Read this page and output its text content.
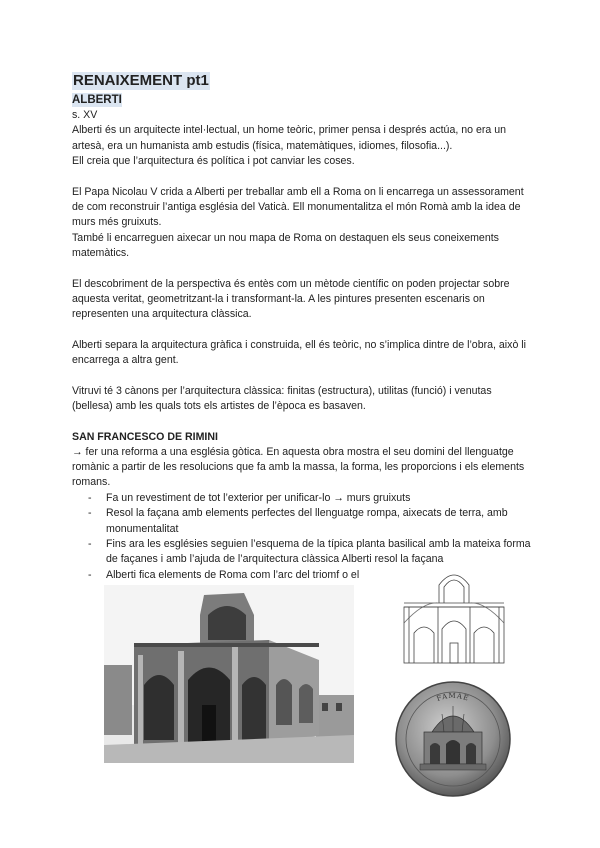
RENAIXEMENT pt1
ALBERTI

s. XV

Alberti és un arquitecte intel·lectual, un home teòric, primer pensa i després actúa, no era un artesà, era un humanista amb estudis (física, matemàtiques, idiomes, filosofia...).

Ell creia que l’arquitectura és política i pot canviar les coses.

El Papa Nicolau V crida a Alberti per treballar amb ell a Roma on li encarrega un assessorament de com reconstruir l’antiga església del Vaticà. Ell monumentalitza el món Romà amb la idea de murs més gruixuts.

També li encarreguen aixecar un nou mapa de Roma on destaquen els seus coneixements matemàtics.

El descobriment de la perspectiva és entès com un mètode científic on poden projectar sobre aquesta veritat, geometritzant-la i transformant-la. A les pintures presenten escenaris on representen una arquitectura clàssica.

Alberti separa la arquitectura gràfica i construida, ell és teòric, no s’implica dintre de l’obra, això li encarrega a altra gent.

Vitruvi té 3 cànons per l’arquitectura clàssica: finitas (estructura), utilitas (funció) i venutas (bellesa) amb les quals tots els artistes de l’època es basaven.

SAN FRANCESCO DE RIMINI

→ fer una reforma a una església gòtica. En aquesta obra mostra el seu domini del llenguatge romànic a partir de les resolucions que fa amb la massa, la forma, les proporcions i els elements romans.

- Fa un revestiment de tot l’exterior per unificar-lo → murs gruixuts
- Resol la façana amb elements perfectes del llenguatge rompa, aixecats de terra, amb monumentalitat
- Fins ara les esglésies seguien l’esquema de la típica planta basilical amb la mateixa forma de façanes i amb l’ajuda de l’arquitectura clàssica Alberti resol la façana
- Alberti fica elements de Roma com l’arc del triomf o el
FAMAE
